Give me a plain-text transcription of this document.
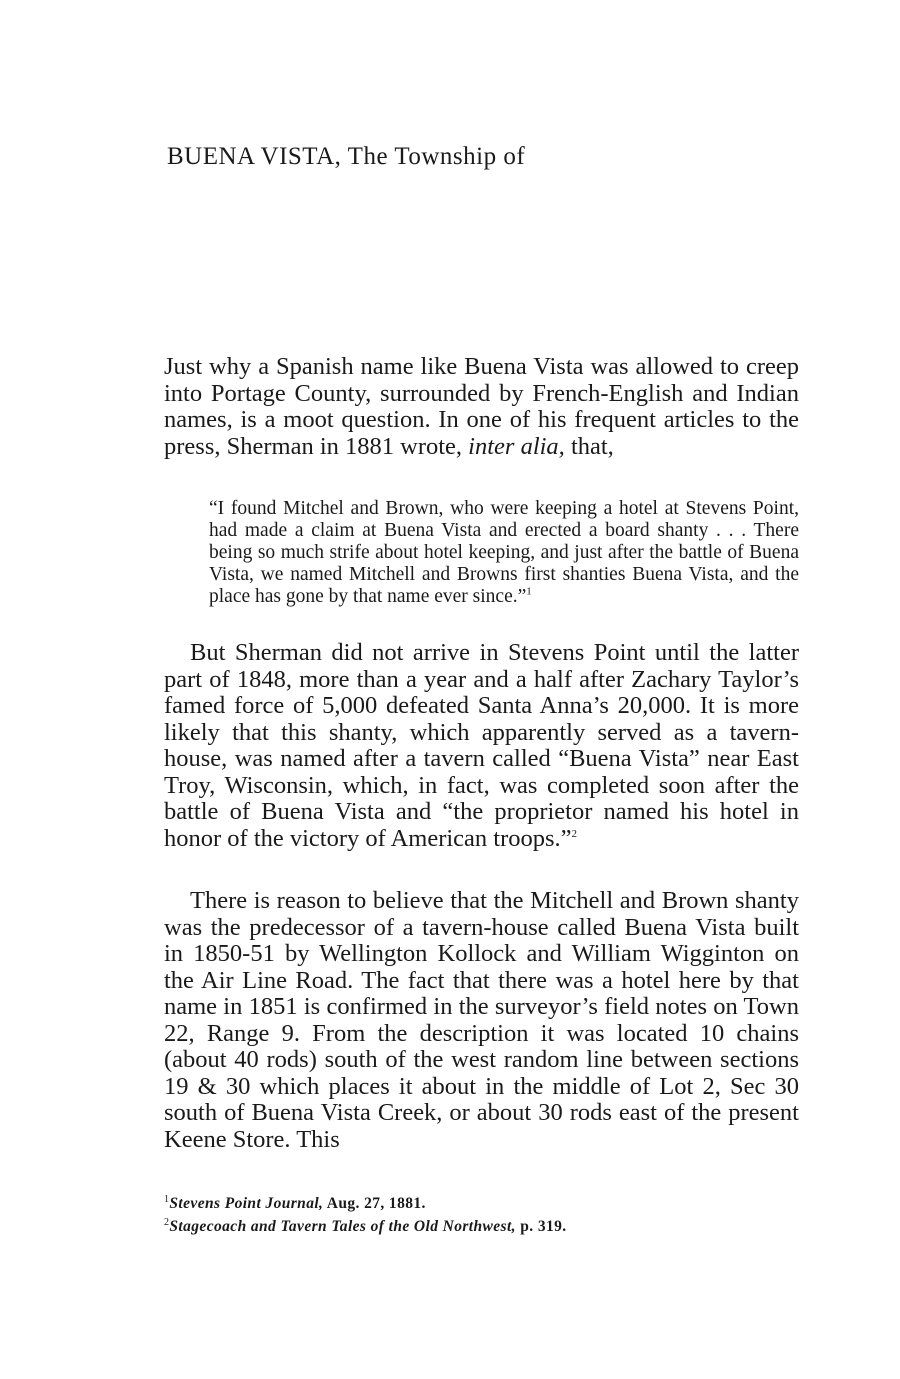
BUENA VISTA, The Township of

Just why a Spanish name like Buena Vista was allowed to creep into Portage County, surrounded by French-English and Indian names, is a moot question. In one of his frequent articles to the press, Sherman in 1881 wrote, inter alia, that,

“I found Mitchel and Brown, who were keeping a hotel at Stevens Point, had made a claim at Buena Vista and erected a board shanty . . . There being so much strife about hotel keeping, and just after the battle of Buena Vista, we named Mitchell and Browns first shanties Buena Vista, and the place has gone by that name ever since.”$^1$

But Sherman did not arrive in Stevens Point until the latter part of 1848, more than a year and a half after Zachary Taylor’s famed force of 5,000 defeated Santa Anna’s 20,000. It is more likely that this shanty, which apparently served as a tavern-house, was named after a tavern called “Buena Vista” near East Troy, Wisconsin, which, in fact, was completed soon after the battle of Buena Vista and “the proprietor named his hotel in honor of the victory of American troops.”$^2$

There is reason to believe that the Mitchell and Brown shanty was the predecessor of a tavern-house called Buena Vista built in 1850-51 by Wellington Kollock and William Wigginton on the Air Line Road. The fact that there was a hotel here by that name in 1851 is confirmed in the surveyor’s field notes on Town 22, Range 9. From the description it was located 10 chains (about 40 rods) south of the west random line between sections 19 & 30 which places it about in the middle of Lot 2, Sec 30 south of Buena Vista Creek, or about 30 rods east of the present Keene Store. This

$^1$Stevens Point Journal, Aug. 27, 1881.

$^2$Stagecoach and Tavern Tales of the Old Northwest, p. 319.
